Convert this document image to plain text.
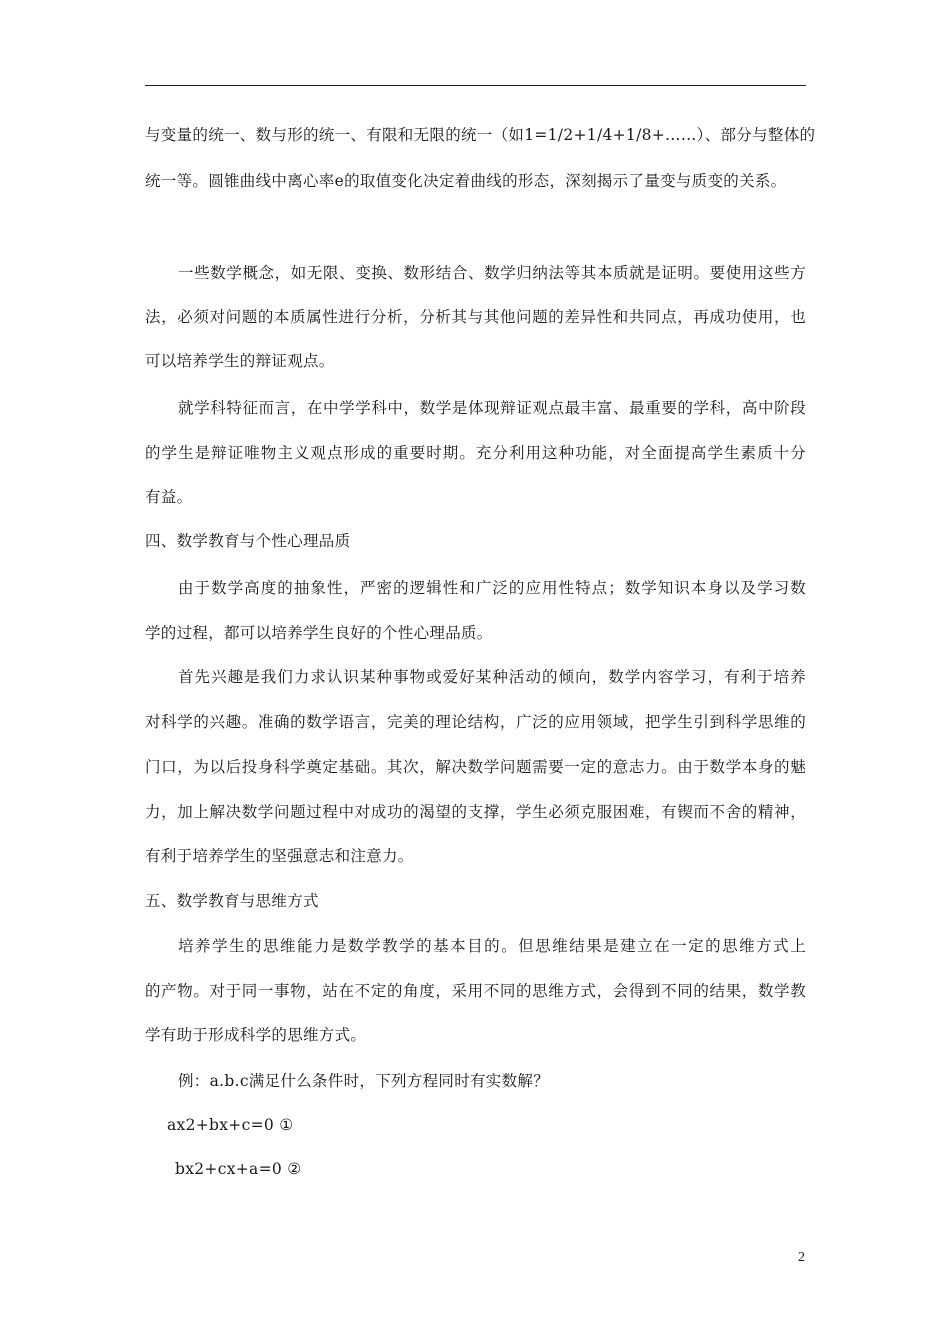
与变量的统一、数与形的统一、有限和无限的统一（如1=1/2+1/4+1/8+……）、部分与整体的
统一等。圆锥曲线中离心率e的取值变化决定着曲线的形态，深刻揭示了量变与质变的关系。
一些数学概念，如无限、变换、数形结合、数学归纳法等其本质就是证明。要使用这些方
法，必须对问题的本质属性进行分析，分析其与其他问题的差异性和共同点，再成功使用，也
可以培养学生的辩证观点。
就学科特征而言，在中学学科中，数学是体现辩证观点最丰富、最重要的学科，高中阶段
的学生是辩证唯物主义观点形成的重要时期。充分利用这种功能，对全面提高学生素质十分
有益。
四、数学教育与个性心理品质
由于数学高度的抽象性，严密的逻辑性和广泛的应用性特点；数学知识本身以及学习数
学的过程，都可以培养学生良好的个性心理品质。
首先兴趣是我们力求认识某种事物或爱好某种活动的倾向，数学内容学习，有利于培养
对科学的兴趣。准确的数学语言，完美的理论结构，广泛的应用领域，把学生引到科学思维的
门口，为以后投身科学奠定基础。其次，解决数学问题需要一定的意志力。由于数学本身的魅
力，加上解决数学问题过程中对成功的渴望的支撑，学生必须克服困难，有锲而不舍的精神，
有利于培养学生的坚强意志和注意力。
五、数学教育与思维方式
培养学生的思维能力是数学教学的基本目的。但思维结果是建立在一定的思维方式上
的产物。对于同一事物，站在不定的角度，采用不同的思维方式，会得到不同的结果，数学教
学有助于形成科学的思维方式。
例：a.b.c满足什么条件时，下列方程同时有实数解？
ax2+bx+c=0 ①
bx2+cx+a=0 ②
2
